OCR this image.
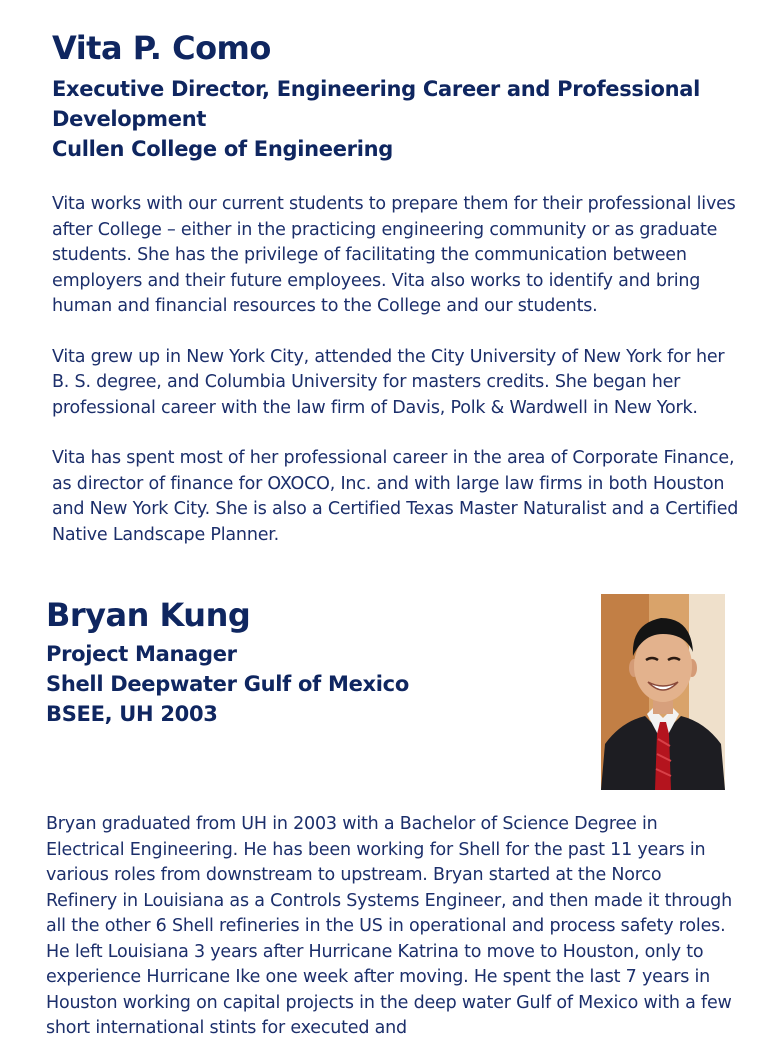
Vita P. Como

Executive Director, Engineering Career and Professional

Development

Cullen College of Engineering

Vita works with our current students to prepare them for their professional lives after College – either in the practicing engineering community or as graduate students. She has the privilege of facilitating the communication between employers and their future employees. Vita also works to identify and bring human and financial resources to the College and our students.

Vita grew up in New York City, attended the City University of New York for her B. S. degree, and Columbia University for masters credits. She began her professional career with the law firm of Davis, Polk & Wardwell in New York.

Vita has spent most of her professional career in the area of Corporate Finance, as director of finance for OXOCO, Inc. and with large law firms in both Houston and New York City. She is also a Certified Texas Master Naturalist and a Certified Native Landscape Planner.

Bryan Kung

Project Manager

Shell Deepwater Gulf of Mexico

BSEE, UH 2003

Bryan graduated from UH in 2003 with a Bachelor of Science Degree in Electrical Engineering. He has been working for Shell for the past 11 years in various roles from downstream to upstream. Bryan started at the Norco Refinery in Louisiana as a Controls Systems Engineer, and then made it through all the other 6 Shell refineries in the US in operational and process safety roles. He left Louisiana 3 years after Hurricane Katrina to move to Houston, only to experience Hurricane Ike one week after moving. He spent the last 7 years in Houston working on capital projects in the deep water Gulf of Mexico with a few short international stints for executed and
